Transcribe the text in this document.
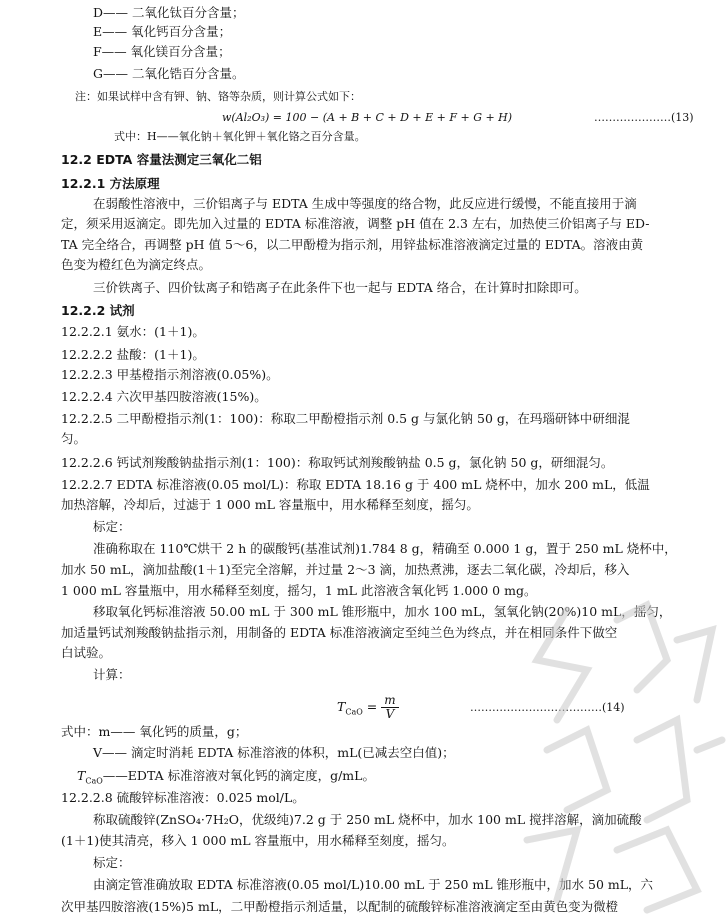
D—— 二氧化钛百分含量；
E—— 氧化钙百分含量；
F—— 氧化镁百分含量；
G—— 二氧化锆百分含量。
注：如果试样中含有钾、钠、铬等杂质，则计算公式如下：
w(Al₂O₃) = 100 − (A + B + C + D + E + F + G + H)	…………………(13)
式中：H——氧化钠＋氧化钾＋氧化铬之百分含量。
12.2 EDTA 容量法测定三氧化二铝
12.2.1 方法原理
在弱酸性溶液中，三价铝离子与 EDTA 生成中等强度的络合物，此反应进行缓慢，不能直接用于滴
定，须采用返滴定。即先加入过量的 EDTA 标准溶液，调整 pH 值在 2.3 左右，加热使三价铝离子与 ED-
TA 完全络合，再调整 pH 值 5～6，以二甲酚橙为指示剂，用锌盐标准溶液滴定过量的 EDTA。溶液由黄
色变为橙红色为滴定终点。
三价铁离子、四价钛离子和锆离子在此条件下也一起与 EDTA 络合，在计算时扣除即可。
12.2.2 试剂
12.2.2.1 氨水：(1＋1)。
12.2.2.2 盐酸：(1＋1)。
12.2.2.3 甲基橙指示剂溶液(0.05%)。
12.2.2.4 六次甲基四胺溶液(15%)。
12.2.2.5 二甲酚橙指示剂(1：100)：称取二甲酚橙指示剂 0.5 g 与氯化钠 50 g，在玛瑙研钵中研细混
匀。
12.2.2.6 钙试剂羧酸钠盐指示剂(1：100)：称取钙试剂羧酸钠盐 0.5 g，氯化钠 50 g，研细混匀。
12.2.2.7 EDTA 标准溶液(0.05 mol/L)：称取 EDTA 18.16 g 于 400 mL 烧杯中，加水 200 mL，低温
加热溶解，冷却后，过滤于 1 000 mL 容量瓶中，用水稀释至刻度，摇匀。
标定：
准确称取在 110℃烘干 2 h 的碳酸钙(基准试剂)1.784 8 g，精确至 0.000 1 g，置于 250 mL 烧杯中，
加水 50 mL，滴加盐酸(1＋1)至完全溶解，并过量 2～3 滴，加热煮沸，逐去二氧化碳，冷却后，移入
1 000 mL 容量瓶中，用水稀释至刻度，摇匀，1 mL 此溶液含氧化钙 1.000 0 mg。
移取氧化钙标准溶液 50.00 mL 于 300 mL 锥形瓶中，加水 100 mL，氢氧化钠(20%)10 mL，摇匀，
加适量钙试剂羧酸钠盐指示剂，用制备的 EDTA 标准溶液滴定至纯兰色为终点，并在相同条件下做空
白试验。
计算：
$T_{CaO} = \frac{m}{V}$	………………………………(14)
式中：m—— 氧化钙的质量，g；
V—— 滴定时消耗 EDTA 标准溶液的体积，mL(已减去空白值)；
$T_{CaO}——EDTA$ 标准溶液对氧化钙的滴定度，g/mL。
12.2.2.8 硫酸锌标准溶液：0.025 mol/L。
称取硫酸锌(ZnSO₄·7H₂O，优级纯)7.2 g 于 250 mL 烧杯中，加水 100 mL 搅拌溶解，滴加硫酸
(1＋1)使其清亮，移入 1 000 mL 容量瓶中，用水稀释至刻度，摇匀。
标定：
由滴定管准确放取 EDTA 标准溶液(0.05 mol/L)10.00 mL 于 250 mL 锥形瓶中，加水 50 mL，六
次甲基四胺溶液(15%)5 mL，二甲酚橙指示剂适量，以配制的硫酸锌标准溶液滴定至由黄色变为微橙
